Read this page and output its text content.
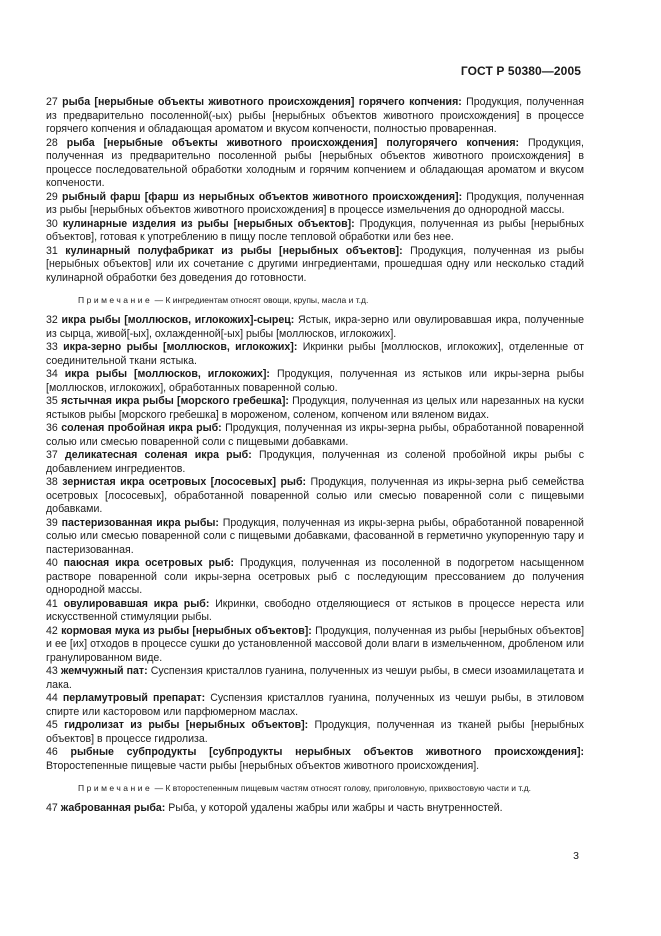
ГОСТ Р 50380—2005
27 рыба [нерыбные объекты животного происхождения] горячего копчения: Продукция, полученная из предварительно посоленной(-ых) рыбы [нерыбных объектов животного происхождения] в процессе горячего копчения и обладающая ароматом и вкусом копчености, полностью проваренная.
28 рыба [нерыбные объекты животного происхождения] полугорячего копчения: Продукция, полученная из предварительно посоленной рыбы [нерыбных объектов животного происхождения] в процессе последовательной обработки холодным и горячим копчением и обладающая ароматом и вкусом копчености.
29 рыбный фарш [фарш из нерыбных объектов животного происхождения]: Продукция, полученная из рыбы [нерыбных объектов животного происхождения] в процессе измельчения до однородной массы.
30 кулинарные изделия из рыбы [нерыбных объектов]: Продукция, полученная из рыбы [нерыбных объектов], готовая к употреблению в пищу после тепловой обработки или без нее.
31 кулинарный полуфабрикат из рыбы [нерыбных объектов]: Продукция, полученная из рыбы [нерыбных объектов] или их сочетание с другими ингредиентами, прошедшая одну или несколько стадий кулинарной обработки без доведения до готовности.
Примечание — К ингредиентам относят овощи, крупы, масла и т.д.
32 икра рыбы [моллюсков, иглокожих]-сырец: Ястык, икра-зерно или овулировавшая икра, полученные из сырца, живой[-ых], охлажденной[-ых] рыбы [моллюсков, иглокожих].
33 икра-зерно рыбы [моллюсков, иглокожих]: Икринки рыбы [моллюсков, иглокожих], отделенные от соединительной ткани ястыка.
34 икра рыбы [моллюсков, иглокожих]: Продукция, полученная из ястыков или икры-зерна рыбы [моллюсков, иглокожих], обработанных поваренной солью.
35 ястычная икра рыбы [морского гребешка]: Продукция, полученная из целых или нарезанных на куски ястыков рыбы [морского гребешка] в мороженом, соленом, копченом или вяленом видах.
36 соленая пробойная икра рыб: Продукция, полученная из икры-зерна рыбы, обработанной поваренной солью или смесью поваренной соли с пищевыми добавками.
37 деликатесная соленая икра рыб: Продукция, полученная из соленой пробойной икры рыбы с добавлением ингредиентов.
38 зернистая икра осетровых [лососевых] рыб: Продукция, полученная из икры-зерна рыб семейства осетровых [лососевых], обработанной поваренной солью или смесью поваренной соли с пищевыми добавками.
39 пастеризованная икра рыбы: Продукция, полученная из икры-зерна рыбы, обработанной поваренной солью или смесью поваренной соли с пищевыми добавками, фасованной в герметично укупоренную тару и пастеризованная.
40 паюсная икра осетровых рыб: Продукция, полученная из посоленной в подогретом насыщенном растворе поваренной соли икры-зерна осетровых рыб с последующим прессованием до получения однородной массы.
41 овулировавшая икра рыб: Икринки, свободно отделяющиеся от ястыков в процессе нереста или искусственной стимуляции рыбы.
42 кормовая мука из рыбы [нерыбных объектов]: Продукция, полученная из рыбы [нерыбных объектов] и ее [их] отходов в процессе сушки до установленной массовой доли влаги в измельченном, дробленом или гранулированном виде.
43 жемчужный пат: Суспензия кристаллов гуанина, полученных из чешуи рыбы, в смеси изоамилацетата и лака.
44 перламутровый препарат: Суспензия кристаллов гуанина, полученных из чешуи рыбы, в этиловом спирте или касторовом или парфюмерном маслах.
45 гидролизат из рыбы [нерыбных объектов]: Продукция, полученная из тканей рыбы [нерыбных объектов] в процессе гидролиза.
46 рыбные субпродукты [субпродукты нерыбных объектов животного происхождения]: Второстепенные пищевые части рыбы [нерыбных объектов животного происхождения].
Примечание — К второстепенным пищевым частям относят голову, приголовную, прихвостовую части и т.д.
47 жаброванная рыба: Рыба, у которой удалены жабры или жабры и часть внутренностей.
3
